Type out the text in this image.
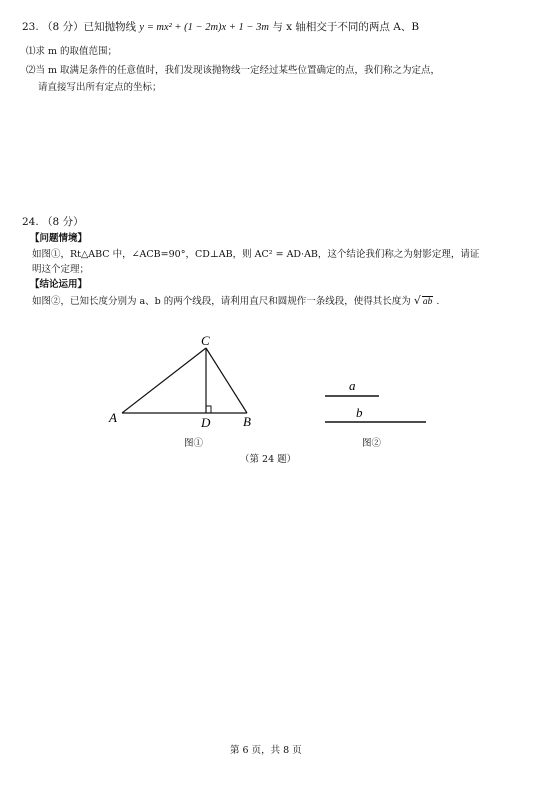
23. （8 分）已知抛物线 y = mx² + (1 − 2m)x + 1 − 3m 与 x 轴相交于不同的两点 A、B
⑴求 m 的取值范围；
⑵当 m 取满足条件的任意值时，我们发现该抛物线一定经过某些位置确定的点，我们称之为定点，
请直接写出所有定点的坐标；
24. （8 分）
【问题情境】
如图①，Rt△ABC 中，∠ACB=90°，CD⊥AB，则 AC² = AD·AB，这个结论我们称之为射影定理，请证
明这个定理；
【结论运用】
如图②，已知长度分别为 a、b 的两个线段，请利用直尺和圆规作一条线段，使得其长度为 √ ab .
A	B
C
D
图①
a
b
图②
（第 24 题）
第 6 页，共 8 页
